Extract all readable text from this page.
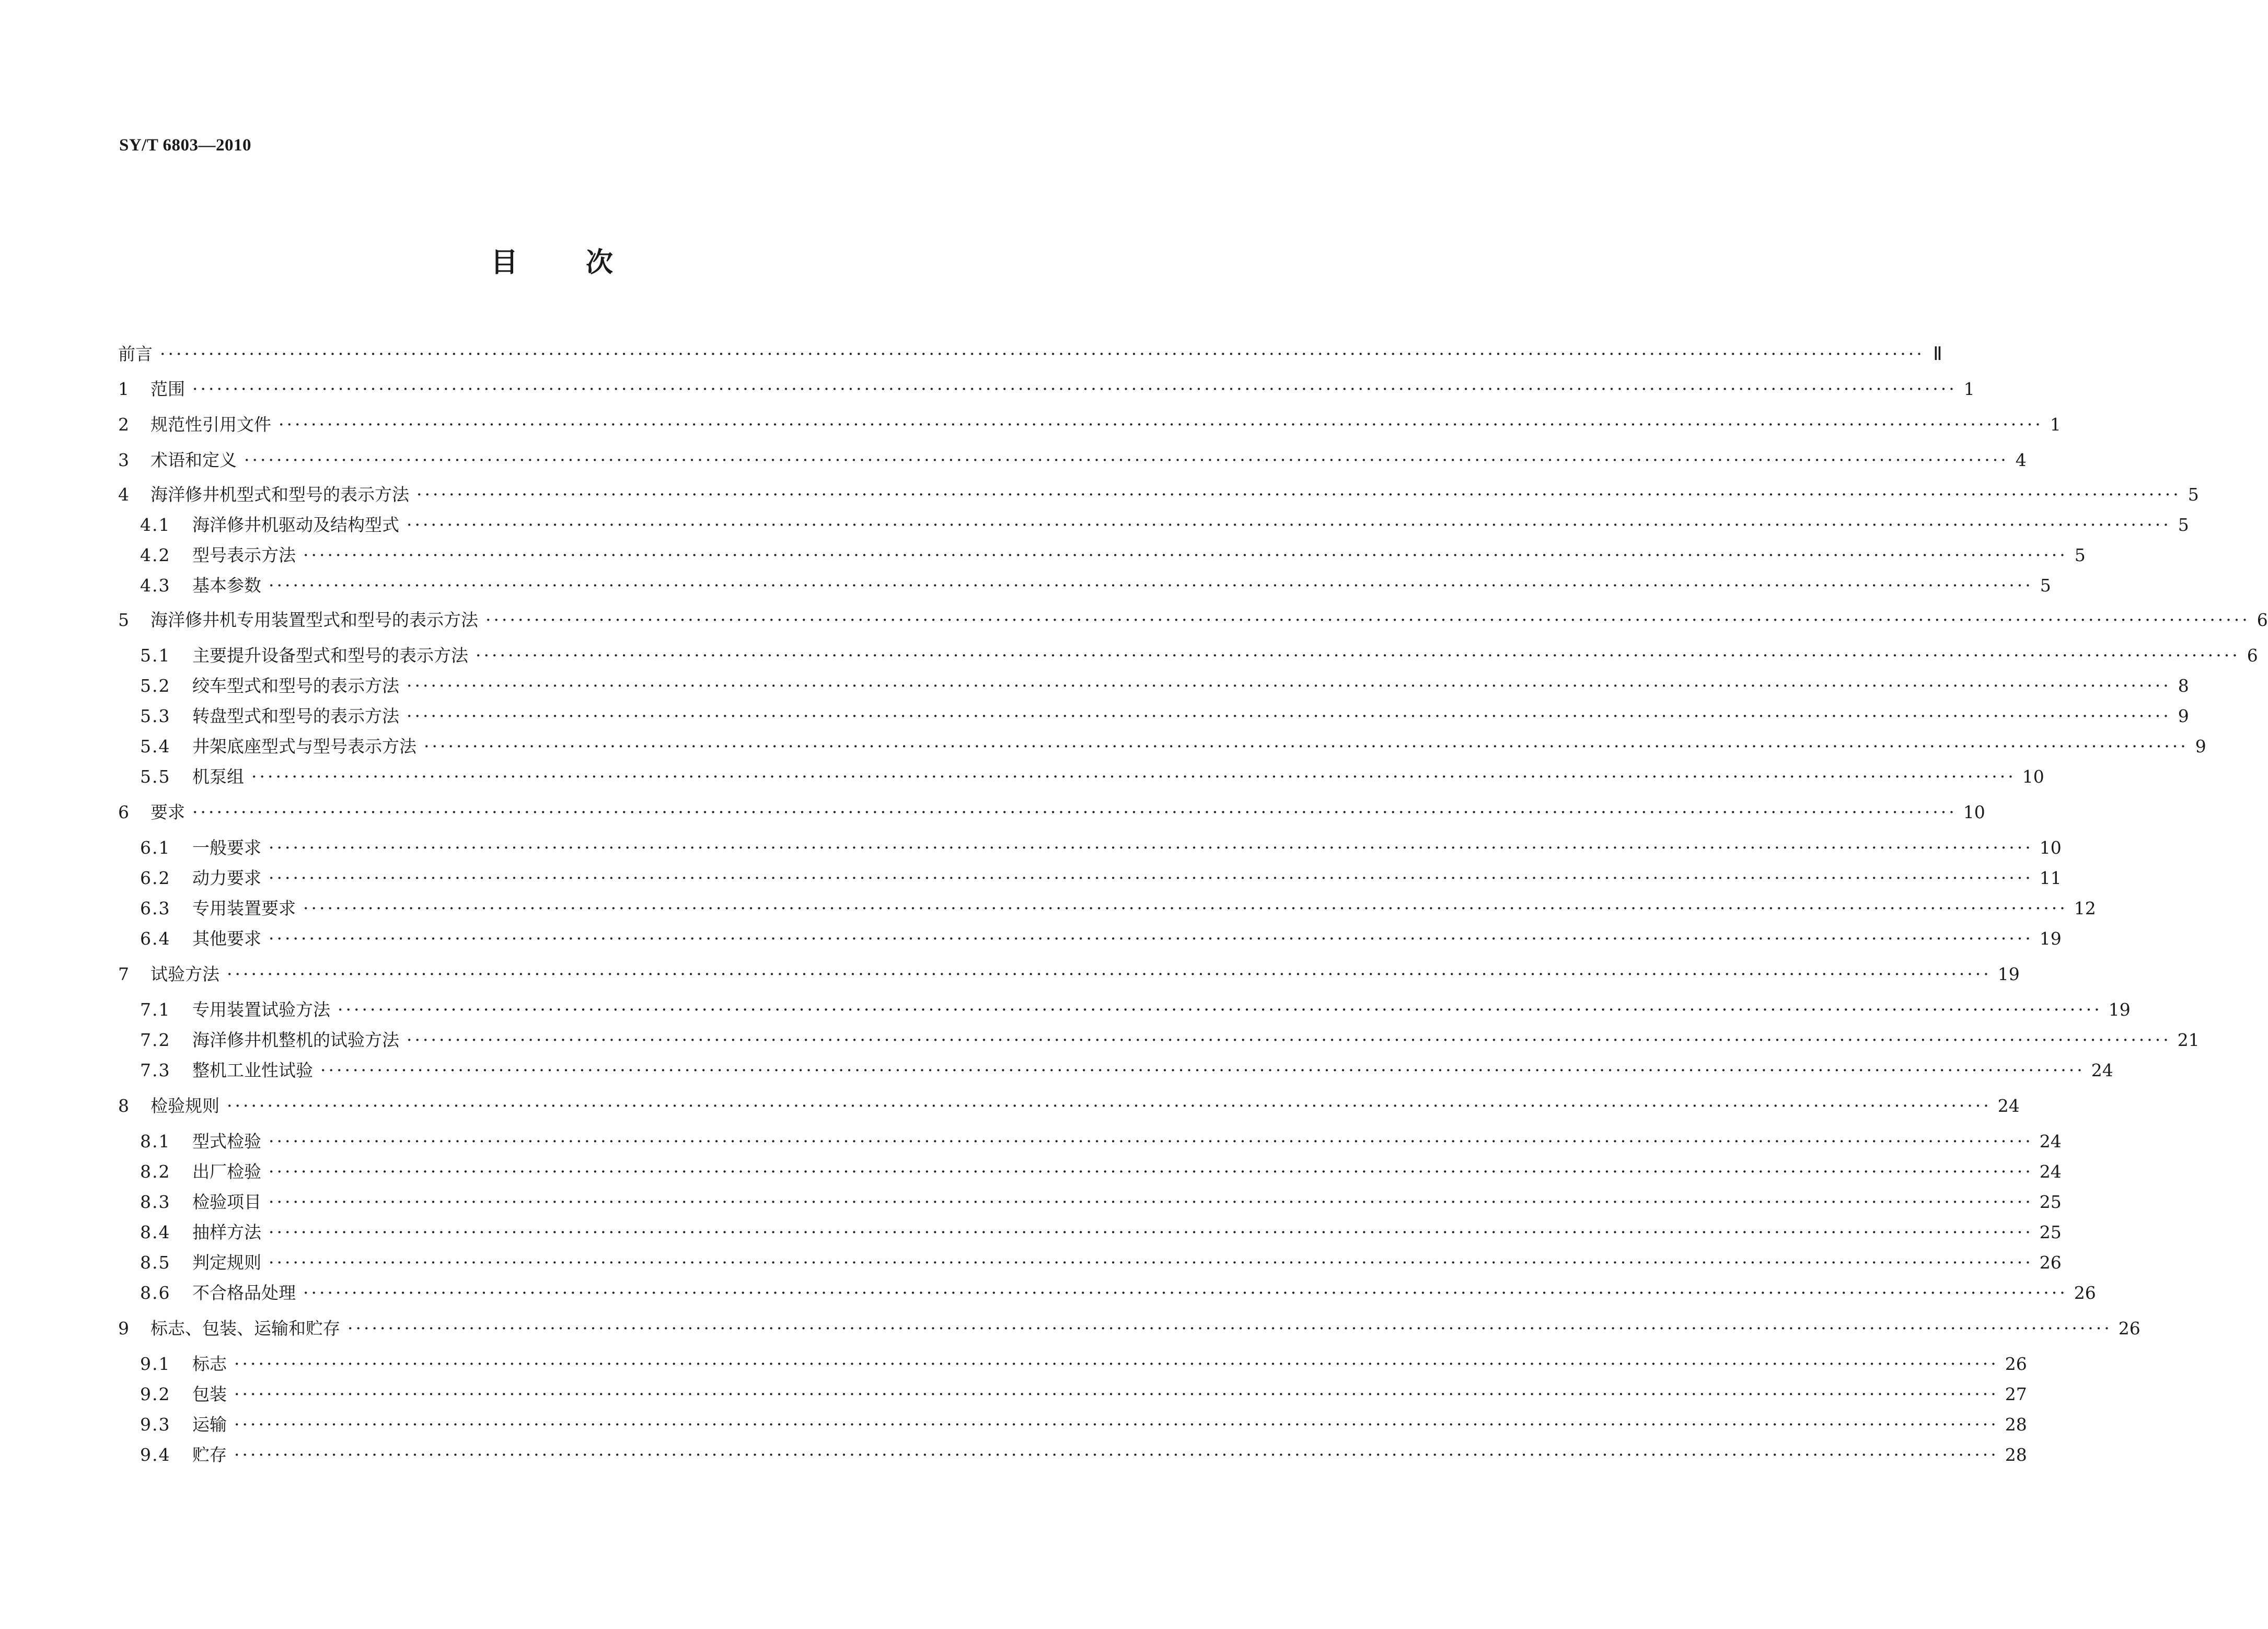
SY/T 6803—2010
目次
前言 ·························································································································································································································· Ⅱ
1	范围 ·························································································································································································································· 1
2	规范性引用文件 ·························································································································································································································· 1
3	术语和定义 ·························································································································································································································· 4
4	海洋修井机型式和型号的表示方法 ·························································································································································································································· 5
4.1	海洋修井机驱动及结构型式 ·························································································································································································································· 5
4.2	型号表示方法 ·························································································································································································································· 5
4.3	基本参数 ·························································································································································································································· 5
5	海洋修井机专用装置型式和型号的表示方法 ·························································································································································································································· 6
5.1	主要提升设备型式和型号的表示方法 ·························································································································································································································· 6
5.2	绞车型式和型号的表示方法 ·························································································································································································································· 8
5.3	转盘型式和型号的表示方法 ·························································································································································································································· 9
5.4	井架底座型式与型号表示方法 ·························································································································································································································· 9
5.5	机泵组 ·························································································································································································································· 10
6	要求 ·························································································································································································································· 10
6.1	一般要求 ·························································································································································································································· 10
6.2	动力要求 ·························································································································································································································· 11
6.3	专用装置要求 ·························································································································································································································· 12
6.4	其他要求 ·························································································································································································································· 19
7	试验方法 ·························································································································································································································· 19
7.1	专用装置试验方法 ·························································································································································································································· 19
7.2	海洋修井机整机的试验方法 ·························································································································································································································· 21
7.3	整机工业性试验 ·························································································································································································································· 24
8	检验规则 ·························································································································································································································· 24
8.1	型式检验 ·························································································································································································································· 24
8.2	出厂检验 ·························································································································································································································· 24
8.3	检验项目 ·························································································································································································································· 25
8.4	抽样方法 ·························································································································································································································· 25
8.5	判定规则 ·························································································································································································································· 26
8.6	不合格品处理 ·························································································································································································································· 26
9	标志、包装、运输和贮存 ·························································································································································································································· 26
9.1	标志 ·························································································································································································································· 26
9.2	包装 ·························································································································································································································· 27
9.3	运输 ·························································································································································································································· 28
9.4	贮存 ·························································································································································································································· 28
